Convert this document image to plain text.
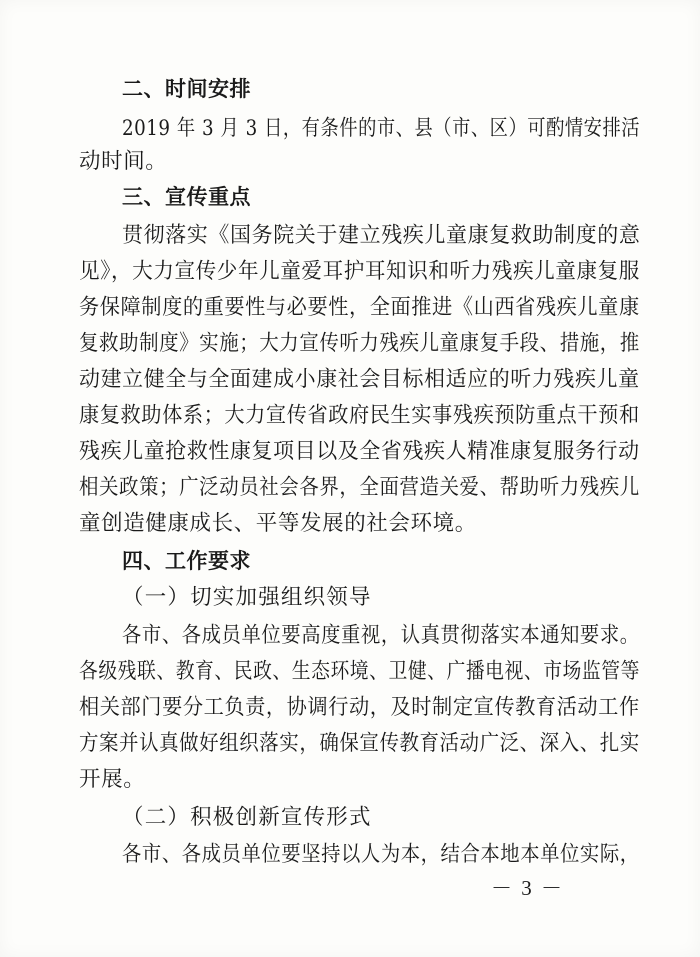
二、时间安排
2019 年 3 月 3 日，有条件的市、县（市、区）可酌情安排活
动时间。
三、宣传重点
贯彻落实《国务院关于建立残疾儿童康复救助制度的意
见》，大力宣传少年儿童爱耳护耳知识和听力残疾儿童康复服
务保障制度的重要性与必要性，全面推进《山西省残疾儿童康
复救助制度》实施；大力宣传听力残疾儿童康复手段、措施，推
动建立健全与全面建成小康社会目标相适应的听力残疾儿童
康复救助体系；大力宣传省政府民生实事残疾预防重点干预和
残疾儿童抢救性康复项目以及全省残疾人精准康复服务行动
相关政策；广泛动员社会各界，全面营造关爱、帮助听力残疾儿
童创造健康成长、平等发展的社会环境。
四、工作要求
（一）切实加强组织领导
各市、各成员单位要高度重视，认真贯彻落实本通知要求。
各级残联、教育、民政、生态环境、卫健、广播电视、市场监管等
相关部门要分工负责，协调行动，及时制定宣传教育活动工作
方案并认真做好组织落实，确保宣传教育活动广泛、深入、扎实
开展。
（二）积极创新宣传形式
各市、各成员单位要坚持以人为本，结合本地本单位实际，
－ 3 －
